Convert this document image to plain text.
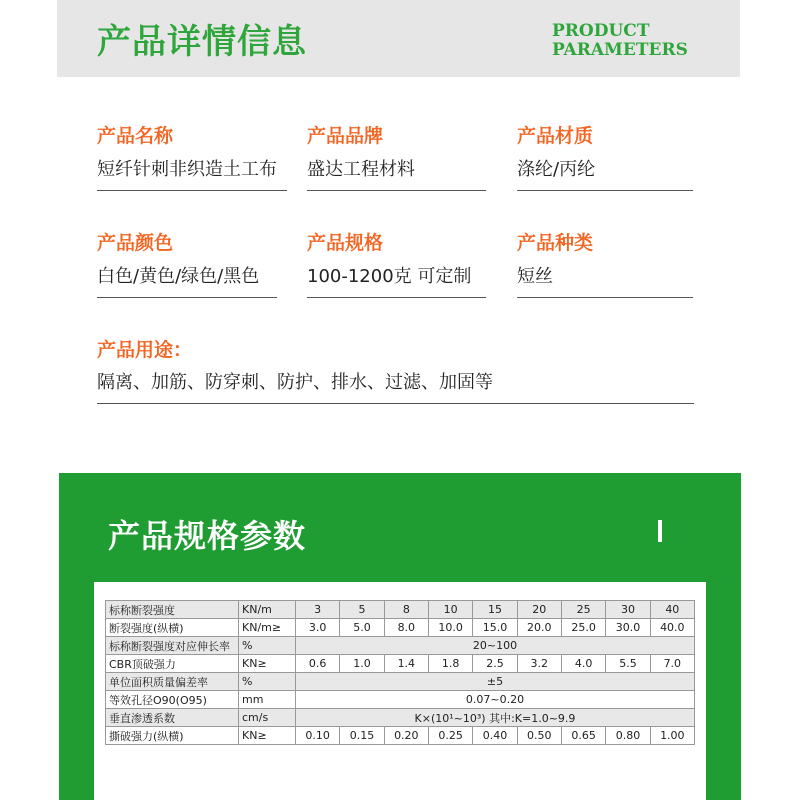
产品详情信息	PRODUCT
PARAMETERS
产品名称
短纤针刺非织造土工布
产品品牌
盛达工程材料
产品材质
涤纶/丙纶
产品颜色
白色/黄色/绿色/黑色
产品规格
100-1200克 可定制
产品种类
短丝
产品用途：
隔离、加筋、防穿刺、防护、排水、过滤、加固等
产品规格参数
标称断裂强度	KN/m	3	5	8	10	15	20	25	30	40
断裂强度(纵横)	KN/m≥	3.0	5.0	8.0	10.0	15.0	20.0	25.0	30.0	40.0
标称断裂强度对应伸长率	%	20~100								
CBR顶破强力	KN≥	0.6	1.0	1.4	1.8	2.5	3.2	4.0	5.5	7.0
单位面积质量偏差率	%	±5								
等效孔径O90(O95)	mm	0.07~0.20								
垂直渗透系数	cm/s	K×(10¹~10³) 其中:K=1.0~9.9								
撕破强力(纵横)	KN≥	0.10	0.15	0.20	0.25	0.40	0.50	0.65	0.80	1.00
